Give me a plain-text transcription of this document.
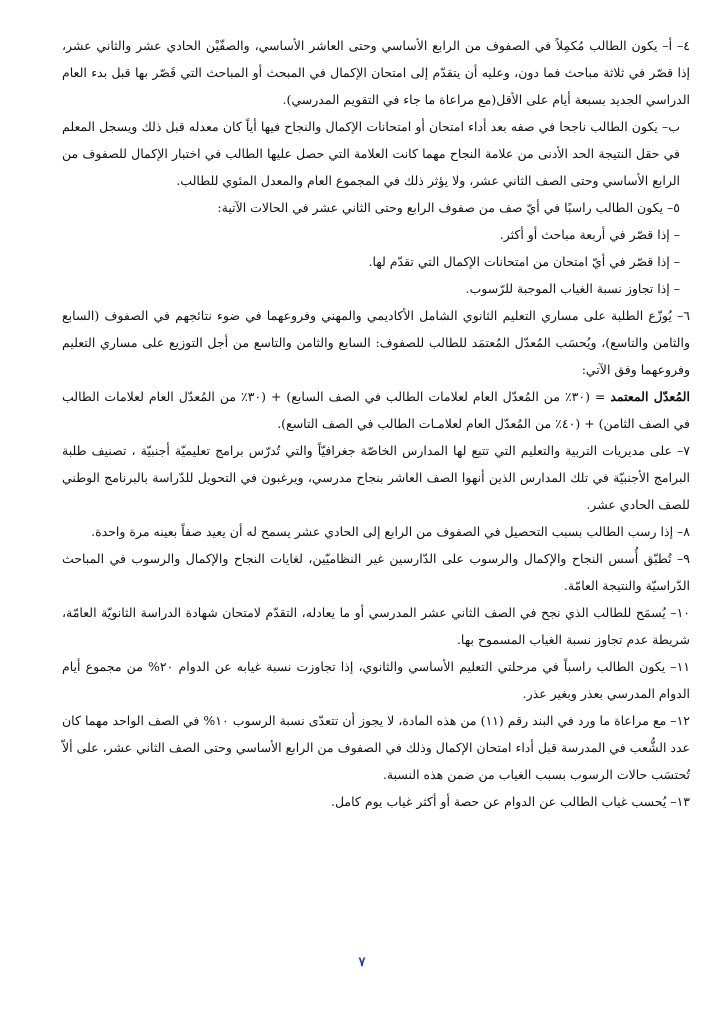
٤– أ– يكون الطالب مُكمِلاً في الصفوف من الرابع الأساسي وحتى العاشر الأساسي، والصفّيْن الحادي عشر والثاني عشر، إذا قصّر في ثلاثة مباحث فما دون، وعليه أن يتقدّم إلى امتحان الإكمال في المبحث أو المباحث التي قَصّر بها قبل بدء العام الدراسي الجديد بسبعة أيام على الأقل(مع مراعاة ما جاء في التقويم المدرسي).

ب– يكون الطالب ناجحا في صفه بعد أداء امتحان أو امتحانات الإكمال والنجاح فيها أياً كان معدله قبل ذلك ويسجل المعلم في حقل النتيجة الحد الأدنى من علامة النجاح مهما كانت العلامة التي حصل عليها الطالب في اختبار الإكمال للصفوف من الرابع الأساسي وحتى الصف الثاني عشر، ولا يؤثر ذلك في المجموع العام والمعدل المئوي للطالب.

٥– يكون الطالب راسبًا في أيّ صف من صفوف الرابع وحتى الثاني عشر في الحالات الآتية:

– إذا قصّر في أربعة مباحث أو أكثر.

– إذا قصّر في أيّ امتحان من امتحانات الإكمال التي تقدّم لها.

– إذا تجاوز نسبة الغياب الموجبة للرّسوب.

٦– يُوزّع الطلبة على مساري التعليم الثانوي الشامل الأكاديمي والمهني وفروعهما في ضوء نتائجهم في الصفوف (السابع والثامن والتاسع)، ويُحسَب المُعدّل المُعتمَد للطالب للصفوف: السابع والثامن والتاسع من أجل التوزيع على مساري التعليم وفروعهما وفق الآتي:

المُعدّل المعتمد = (٣٠٪ من المُعدّل العام لعلامات الطالب في الصف السابع) + (٣٠٪ من المُعدّل العام لعلامات الطالب في الصف الثامن) + (٤٠٪ من المُعدّل العام لعلامـات الطالب في الصف التاسع).

٧– على مديريات التربية والتعليم التي تتبع لها المدارس الخاصّة جغرافيّاً والتي تُدرّس برامج تعليميّة أجنبيّة ، تصنيف طلبة البرامج الأجنبيّة في تلك المدارس الذين أنهوا الصف العاشر بنجاح مدرسي، ويرغبون في التحويل للدّراسة بالبرنامج الوطني للصف الحادي عشر.

٨– إذا رسب الطالب بسبب التحصيل في الصفوف من الرابع إلى الحادي عشر يسمح له أن يعيد صفاً بعينه مرة واحدة.

٩– تُطبّق أُسس النجاح والإكمال والرسوب على الدّارسين غير النظاميّين، لغايات النجاح والإكمال والرسوب في المباحث الدّراسيّة والنتيجة العامّة.

١٠– يُسمَح للطالب الذي نجح في الصف الثاني عشر المدرسي أو ما يعادله، التقدّم لامتحان شهادة الدراسة الثانويّة العامّة، شريطة عدم تجاوز نسبة الغياب المسموح بها.

١١– يكون الطالب راسباً في مرحلتي التعليم الأساسي والثانوي، إذا تجاوزت نسبة غيابه عن الدوام ٢٠% من مجموع أيام الدوام المدرسي بعذر وبغير عذر.

١٢– مع مراعاة ما ورد في البند رقم (١١) من هذه المادة، لا يجوز أن تتعدّى نسبة الرسوب ١٠% في الصف الواحد مهما كان عدد الشُّعب في المدرسة قبل أداء امتحان الإكمال وذلك في الصفوف من الرابع الأساسي وحتى الصف الثاني عشر، على ألاّ تُحتسَب حالات الرسوب بسبب الغياب من ضمن هذه النسبة.

١٣– يُحسب غياب الطالب عن الدوام عن حصة أو أكثر غياب يوم كامل.

٧
